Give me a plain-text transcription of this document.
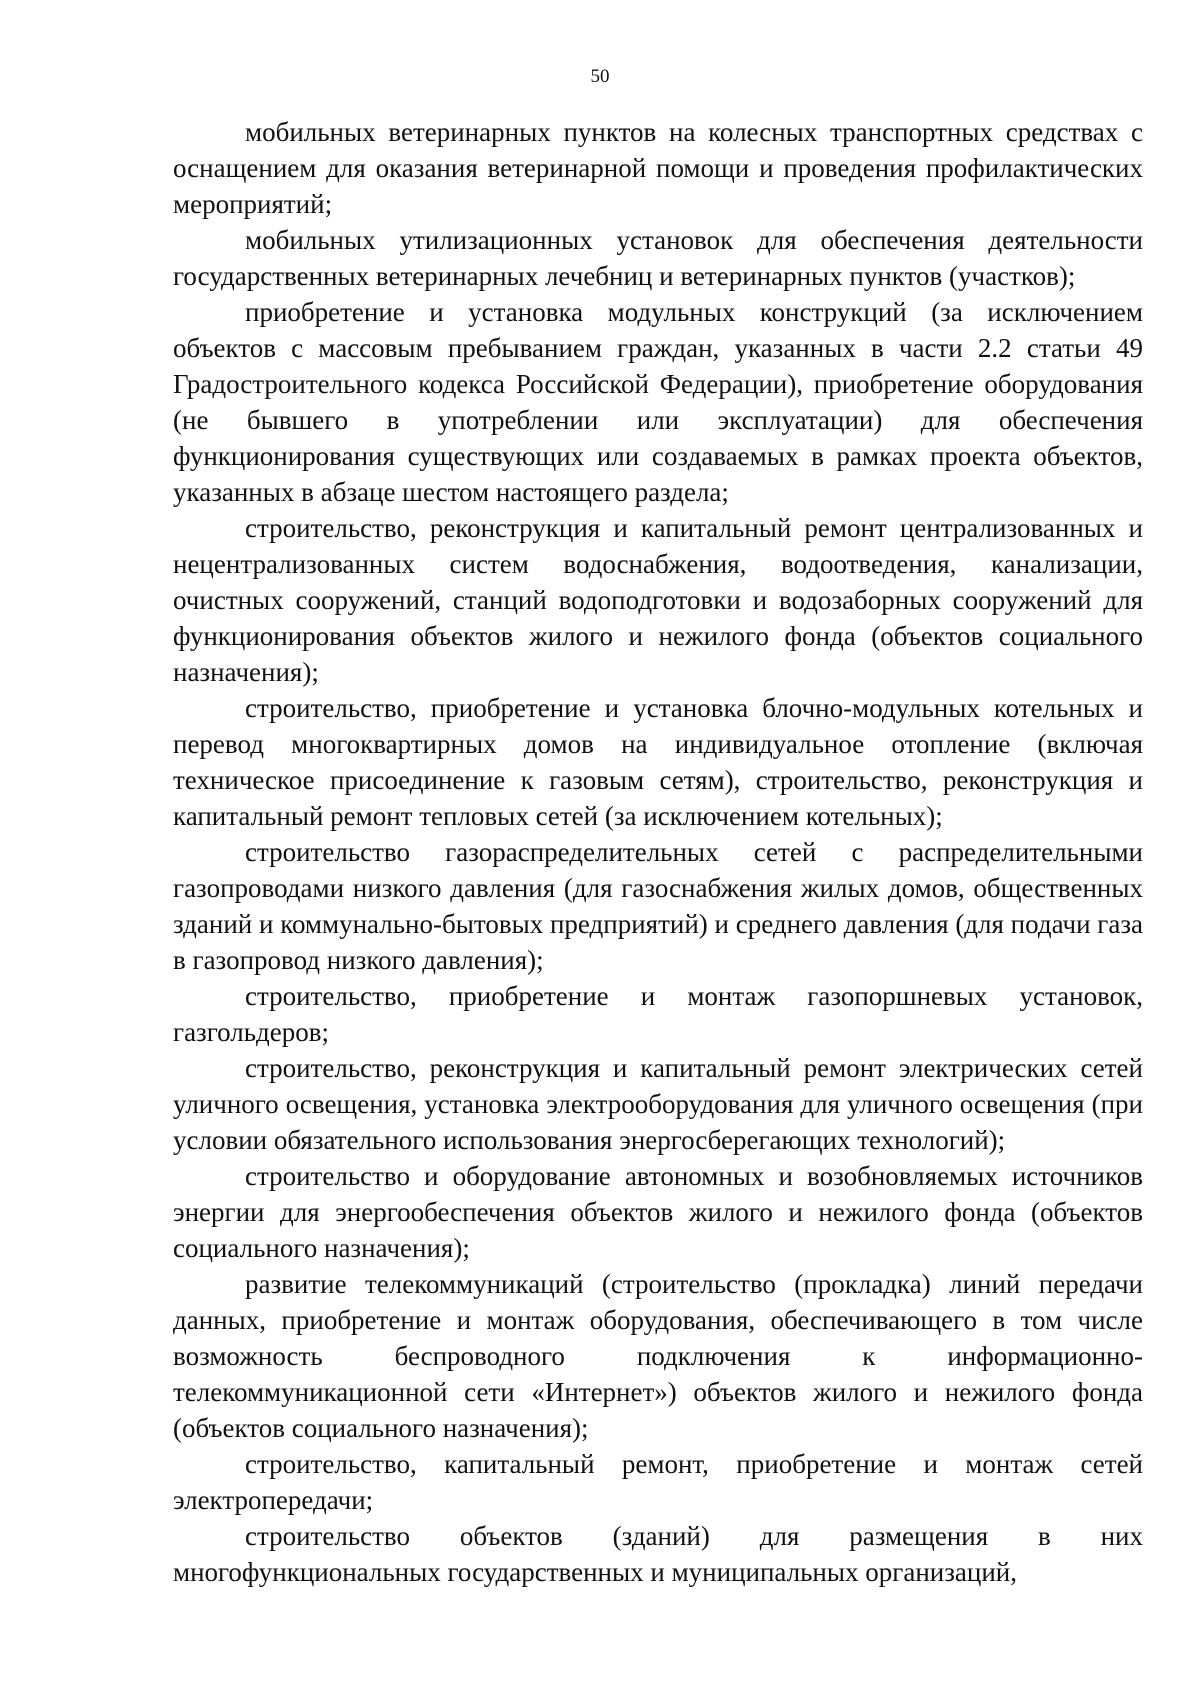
50

мобильных ветеринарных пунктов на колесных транспортных средствах с оснащением для оказания ветеринарной помощи и проведения профилактических мероприятий;

мобильных утилизационных установок для обеспечения деятельности государственных ветеринарных лечебниц и ветеринарных пунктов (участков);

приобретение и установка модульных конструкций (за исключением объектов с массовым пребыванием граждан, указанных в части 2.2 статьи 49 Градостроительного кодекса Российской Федерации), приобретение оборудования (не бывшего в употреблении или эксплуатации) для обеспечения функционирования существующих или создаваемых в рамках проекта объектов, указанных в абзаце шестом настоящего раздела;

строительство, реконструкция и капитальный ремонт централизованных и нецентрализованных систем водоснабжения, водоотведения, канализации, очистных сооружений, станций водоподготовки и водозаборных сооружений для функционирования объектов жилого и нежилого фонда (объектов социального назначения);

строительство, приобретение и установка блочно-модульных котельных и перевод многоквартирных домов на индивидуальное отопление (включая техническое присоединение к газовым сетям), строительство, реконструкция и капитальный ремонт тепловых сетей (за исключением котельных);

строительство газораспределительных сетей с распределительными газопроводами низкого давления (для газоснабжения жилых домов, общественных зданий и коммунально-бытовых предприятий) и среднего давления (для подачи газа в газопровод низкого давления);

строительство, приобретение и монтаж газопоршневых установок, газгольдеров;

строительство, реконструкция и капитальный ремонт электрических сетей уличного освещения, установка электрооборудования для уличного освещения (при условии обязательного использования энергосберегающих технологий);

строительство и оборудование автономных и возобновляемых источников энергии для энергообеспечения объектов жилого и нежилого фонда (объектов социального назначения);

развитие телекоммуникаций (строительство (прокладка) линий передачи данных, приобретение и монтаж оборудования, обеспечивающего в том числе возможность беспроводного подключения к информационно-телекоммуникационной сети «Интернет») объектов жилого и нежилого фонда (объектов социального назначения);

строительство, капитальный ремонт, приобретение и монтаж сетей электропередачи;

строительство объектов (зданий) для размещения в них многофункциональных государственных и муниципальных организаций,
